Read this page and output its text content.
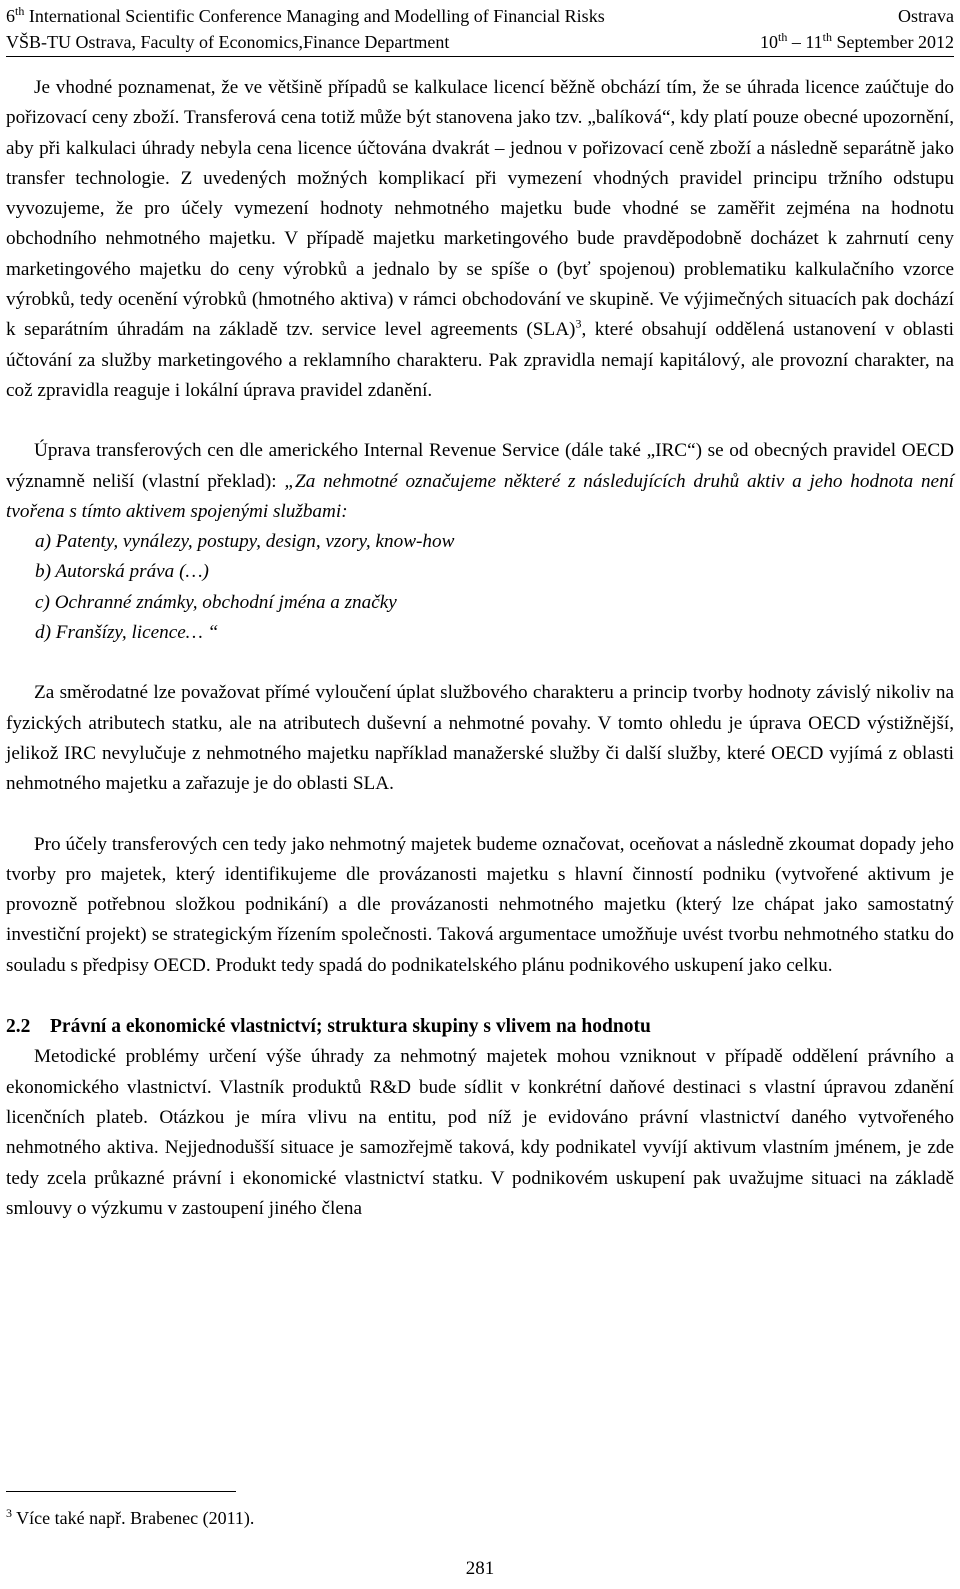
6th International Scientific Conference Managing and Modelling of Financial Risks	Ostrava
VŠB-TU Ostrava, Faculty of Economics,Finance Department	10th – 11th September 2012

Je vhodné poznamenat, že ve většině případů se kalkulace licencí běžně obchází tím, že se úhrada licence zaúčtuje do pořizovací ceny zboží. Transferová cena totiž může být stanovena jako tzv. „balíková“, kdy platí pouze obecné upozornění, aby při kalkulaci úhrady nebyla cena licence účtována dvakrát – jednou v pořizovací ceně zboží a následně separátně jako transfer technologie. Z uvedených možných komplikací při vymezení vhodných pravidel principu tržního odstupu vyvozujeme, že pro účely vymezení hodnoty nehmotného majetku bude vhodné se zaměřit zejména na hodnotu obchodního nehmotného majetku. V případě majetku marketingového bude pravděpodobně docházet k zahrnutí ceny marketingového majetku do ceny výrobků a jednalo by se spíše o (byť spojenou) problematiku kalkulačního vzorce výrobků, tedy ocenění výrobků (hmotného aktiva) v rámci obchodování ve skupině. Ve výjimečných situacích pak dochází k separátním úhradám na základě tzv. service level agreements (SLA)$^3$, které obsahují oddělená ustanovení v oblasti účtování za služby marketingového a reklamního charakteru. Pak zpravidla nemají kapitálový, ale provozní charakter, na což zpravidla reaguje i lokální úprava pravidel zdanění.

Úprava transferových cen dle amerického Internal Revenue Service (dále také „IRC“) se od obecných pravidel OECD významně neliší (vlastní překlad): „Za nehmotné označujeme některé z následujících druhů aktiv a jeho hodnota není tvořena s tímto aktivem spojenými službami:

a) Patenty, vynálezy, postupy, design, vzory, know-how
b) Autorská práva (…)
c) Ochranné známky, obchodní jména a značky
d) Franšízy, licence… “

Za směrodatné lze považovat přímé vyloučení úplat službového charakteru a princip tvorby hodnoty závislý nikoliv na fyzických atributech statku, ale na atributech duševní a nehmotné povahy. V tomto ohledu je úprava OECD výstižnější, jelikož IRC nevylučuje z nehmotného majetku například manažerské služby či další služby, které OECD vyjímá z oblasti nehmotného majetku a zařazuje je do oblasti SLA.

Pro účely transferových cen tedy jako nehmotný majetek budeme označovat, oceňovat a následně zkoumat dopady jeho tvorby pro majetek, který identifikujeme dle provázanosti majetku s hlavní činností podniku (vytvořené aktivum je provozně potřebnou složkou podnikání) a dle provázanosti nehmotného majetku (který lze chápat jako samostatný investiční projekt) se strategickým řízením společnosti. Taková argumentace umožňuje uvést tvorbu nehmotného statku do souladu s předpisy OECD. Produkt tedy spadá do podnikatelského plánu podnikového uskupení jako celku.

2.2	Právní a ekonomické vlastnictví; struktura skupiny s vlivem na hodnotu

Metodické problémy určení výše úhrady za nehmotný majetek mohou vzniknout v případě oddělení právního a ekonomického vlastnictví. Vlastník produktů R&D bude sídlit v konkrétní daňové destinaci s vlastní úpravou zdanění licenčních plateb. Otázkou je míra vlivu na entitu, pod níž je evidováno právní vlastnictví daného vytvořeného nehmotného aktiva. Nejjednodušší situace je samozřejmě taková, kdy podnikatel vyvíjí aktivum vlastním jménem, je zde tedy zcela průkazné právní i ekonomické vlastnictví statku. V podnikovém uskupení pak uvažujme situaci na základě smlouvy o výzkumu v zastoupení jiného člena

$^3$ Více také např. Brabenec (2011).
281
